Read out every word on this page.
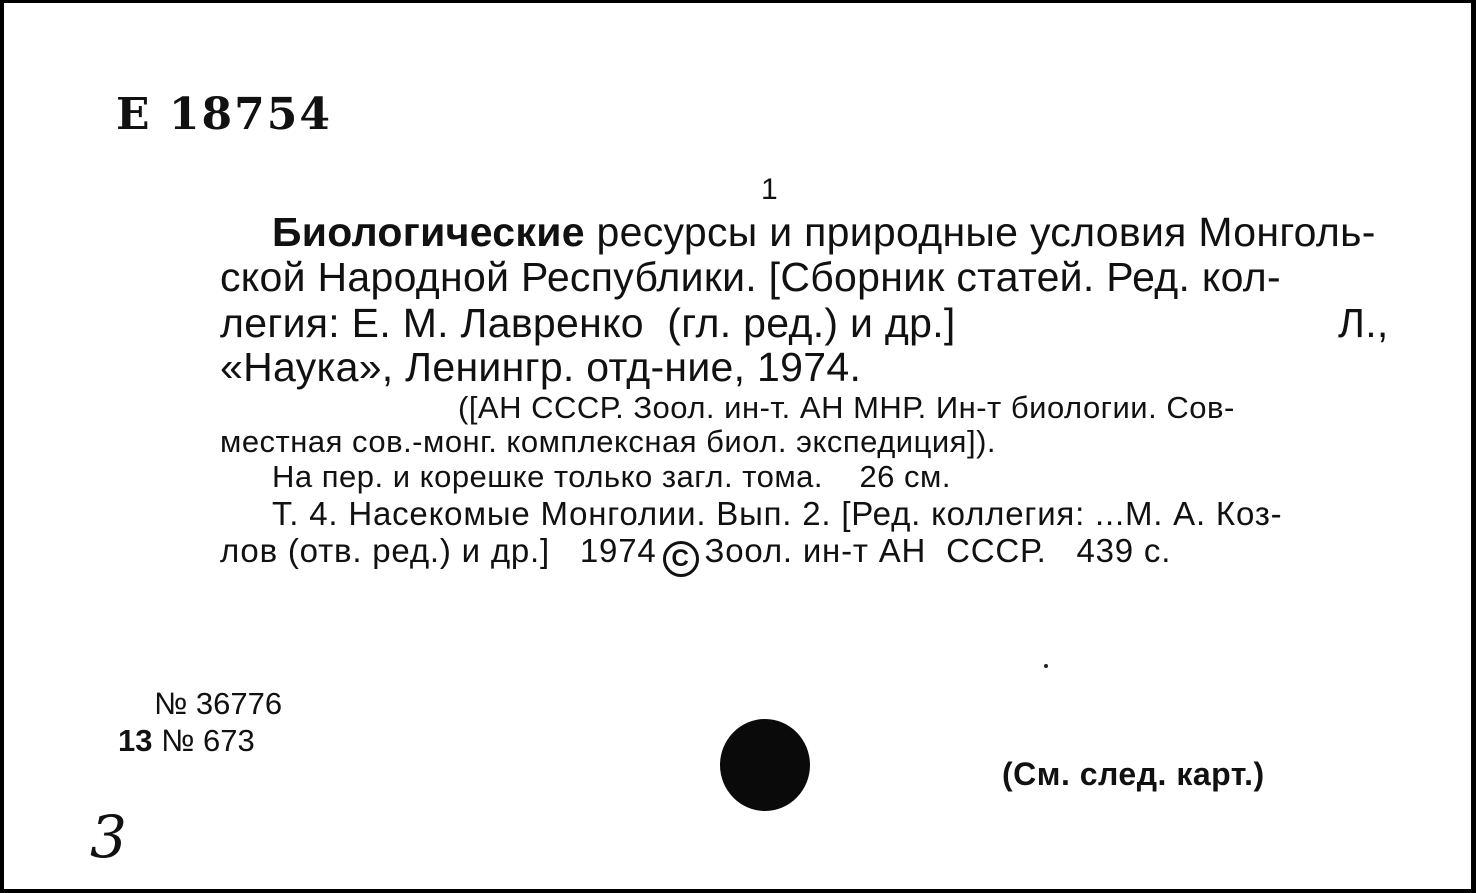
Е 18754
1
Биологические ресурсы и природные условия Монголь-
ской Народной Республики. [Сборник статей. Ред. кол-
легия: Е. М. Лавренко  (гл. ред.) и др.]	Л.,
«Наука», Ленингр. отд-ние, 1974.
([АН СССР. Зоол. ин-т. АН МНР. Ин-т биологии. Сов-
местная сов.-монг. комплексная биол. экспедиция]).
На пер. и корешке только загл. тома.    26 см.
Т. 4. Насекомые Монголии. Вып. 2. [Ред. коллегия: ...М. А. Коз-
лов (отв. ред.) и др.]   1974 C Зоол. ин-т АН  СССР.   439 с.
№ 36776
13 № 673
(См. след. карт.)
3
